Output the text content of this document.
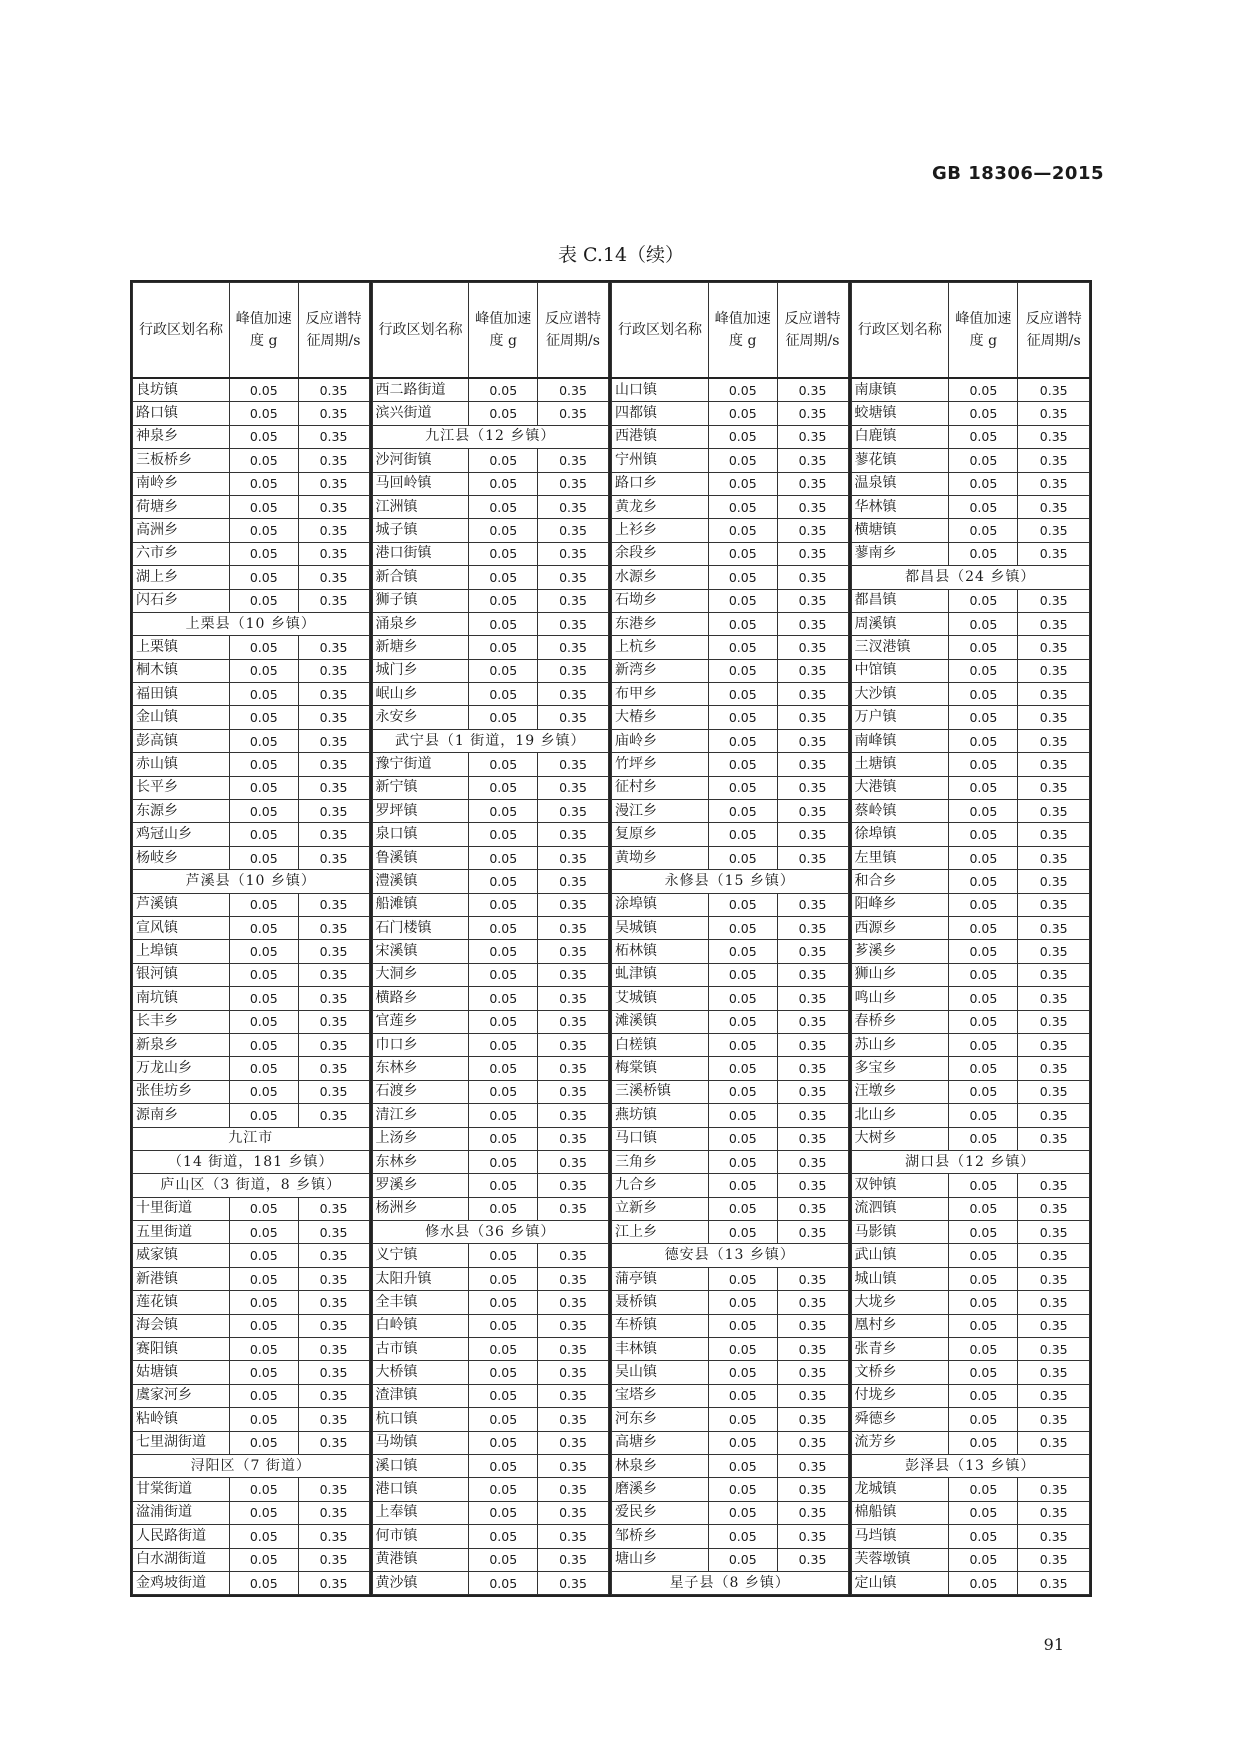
GB 18306—2015
表 C.14（续）
行政区划名称	峰值加速度 g	反应谱特征周期/s
良坊镇	0.05	0.35
路口镇	0.05	0.35
神泉乡	0.05	0.35
三板桥乡	0.05	0.35
南岭乡	0.05	0.35
荷塘乡	0.05	0.35
高洲乡	0.05	0.35
六市乡	0.05	0.35
湖上乡	0.05	0.35
闪石乡	0.05	0.35
上栗县（10 乡镇）		
上栗镇	0.05	0.35
桐木镇	0.05	0.35
福田镇	0.05	0.35
金山镇	0.05	0.35
彭高镇	0.05	0.35
赤山镇	0.05	0.35
长平乡	0.05	0.35
东源乡	0.05	0.35
鸡冠山乡	0.05	0.35
杨岐乡	0.05	0.35
芦溪县（10 乡镇）		
芦溪镇	0.05	0.35
宣风镇	0.05	0.35
上埠镇	0.05	0.35
银河镇	0.05	0.35
南坑镇	0.05	0.35
长丰乡	0.05	0.35
新泉乡	0.05	0.35
万龙山乡	0.05	0.35
张佳坊乡	0.05	0.35
源南乡	0.05	0.35
九江市		
（14 街道，181 乡镇）		
庐山区（3 街道，8 乡镇）		
十里街道	0.05	0.35
五里街道	0.05	0.35
威家镇	0.05	0.35
新港镇	0.05	0.35
莲花镇	0.05	0.35
海会镇	0.05	0.35
赛阳镇	0.05	0.35
姑塘镇	0.05	0.35
虞家河乡	0.05	0.35
粘岭镇	0.05	0.35
七里湖街道	0.05	0.35
浔阳区（7 街道）		
甘棠街道	0.05	0.35
湓浦街道	0.05	0.35
人民路街道	0.05	0.35
白水湖街道	0.05	0.35
金鸡坡街道	0.05	0.35
行政区划名称	峰值加速度 g	反应谱特征周期/s
西二路街道	0.05	0.35
滨兴街道	0.05	0.35
九江县（12 乡镇）		
沙河街镇	0.05	0.35
马回岭镇	0.05	0.35
江洲镇	0.05	0.35
城子镇	0.05	0.35
港口街镇	0.05	0.35
新合镇	0.05	0.35
狮子镇	0.05	0.35
涌泉乡	0.05	0.35
新塘乡	0.05	0.35
城门乡	0.05	0.35
岷山乡	0.05	0.35
永安乡	0.05	0.35
武宁县（1 街道，19 乡镇）		
豫宁街道	0.05	0.35
新宁镇	0.05	0.35
罗坪镇	0.05	0.35
泉口镇	0.05	0.35
鲁溪镇	0.05	0.35
澧溪镇	0.05	0.35
船滩镇	0.05	0.35
石门楼镇	0.05	0.35
宋溪镇	0.05	0.35
大洞乡	0.05	0.35
横路乡	0.05	0.35
官莲乡	0.05	0.35
巾口乡	0.05	0.35
东林乡	0.05	0.35
石渡乡	0.05	0.35
清江乡	0.05	0.35
上汤乡	0.05	0.35
东林乡	0.05	0.35
罗溪乡	0.05	0.35
杨洲乡	0.05	0.35
修水县（36 乡镇）		
义宁镇	0.05	0.35
太阳升镇	0.05	0.35
全丰镇	0.05	0.35
白岭镇	0.05	0.35
古市镇	0.05	0.35
大桥镇	0.05	0.35
渣津镇	0.05	0.35
杭口镇	0.05	0.35
马坳镇	0.05	0.35
溪口镇	0.05	0.35
港口镇	0.05	0.35
上奉镇	0.05	0.35
何市镇	0.05	0.35
黄港镇	0.05	0.35
黄沙镇	0.05	0.35
行政区划名称	峰值加速度 g	反应谱特征周期/s
山口镇	0.05	0.35
四都镇	0.05	0.35
西港镇	0.05	0.35
宁州镇	0.05	0.35
路口乡	0.05	0.35
黄龙乡	0.05	0.35
上衫乡	0.05	0.35
余段乡	0.05	0.35
水源乡	0.05	0.35
石坳乡	0.05	0.35
东港乡	0.05	0.35
上杭乡	0.05	0.35
新湾乡	0.05	0.35
布甲乡	0.05	0.35
大椿乡	0.05	0.35
庙岭乡	0.05	0.35
竹坪乡	0.05	0.35
征村乡	0.05	0.35
漫江乡	0.05	0.35
复原乡	0.05	0.35
黄坳乡	0.05	0.35
永修县（15 乡镇）		
涂埠镇	0.05	0.35
吴城镇	0.05	0.35
柘林镇	0.05	0.35
虬津镇	0.05	0.35
艾城镇	0.05	0.35
滩溪镇	0.05	0.35
白槎镇	0.05	0.35
梅棠镇	0.05	0.35
三溪桥镇	0.05	0.35
燕坊镇	0.05	0.35
马口镇	0.05	0.35
三角乡	0.05	0.35
九合乡	0.05	0.35
立新乡	0.05	0.35
江上乡	0.05	0.35
德安县（13 乡镇）		
蒲亭镇	0.05	0.35
聂桥镇	0.05	0.35
车桥镇	0.05	0.35
丰林镇	0.05	0.35
吴山镇	0.05	0.35
宝塔乡	0.05	0.35
河东乡	0.05	0.35
高塘乡	0.05	0.35
林泉乡	0.05	0.35
磨溪乡	0.05	0.35
爱民乡	0.05	0.35
邹桥乡	0.05	0.35
塘山乡	0.05	0.35
星子县（8 乡镇）		
行政区划名称	峰值加速度 g	反应谱特征周期/s
南康镇	0.05	0.35
蛟塘镇	0.05	0.35
白鹿镇	0.05	0.35
蓼花镇	0.05	0.35
温泉镇	0.05	0.35
华林镇	0.05	0.35
横塘镇	0.05	0.35
蓼南乡	0.05	0.35
都昌县（24 乡镇）		
都昌镇	0.05	0.35
周溪镇	0.05	0.35
三汊港镇	0.05	0.35
中馆镇	0.05	0.35
大沙镇	0.05	0.35
万户镇	0.05	0.35
南峰镇	0.05	0.35
土塘镇	0.05	0.35
大港镇	0.05	0.35
蔡岭镇	0.05	0.35
徐埠镇	0.05	0.35
左里镇	0.05	0.35
和合乡	0.05	0.35
阳峰乡	0.05	0.35
西源乡	0.05	0.35
芗溪乡	0.05	0.35
狮山乡	0.05	0.35
鸣山乡	0.05	0.35
春桥乡	0.05	0.35
苏山乡	0.05	0.35
多宝乡	0.05	0.35
汪墩乡	0.05	0.35
北山乡	0.05	0.35
大树乡	0.05	0.35
湖口县（12 乡镇）		
双钟镇	0.05	0.35
流泗镇	0.05	0.35
马影镇	0.05	0.35
武山镇	0.05	0.35
城山镇	0.05	0.35
大垅乡	0.05	0.35
凰村乡	0.05	0.35
张青乡	0.05	0.35
文桥乡	0.05	0.35
付垅乡	0.05	0.35
舜德乡	0.05	0.35
流芳乡	0.05	0.35
彭泽县（13 乡镇）		
龙城镇	0.05	0.35
棉船镇	0.05	0.35
马垱镇	0.05	0.35
芙蓉墩镇	0.05	0.35
定山镇	0.05	0.35
91
